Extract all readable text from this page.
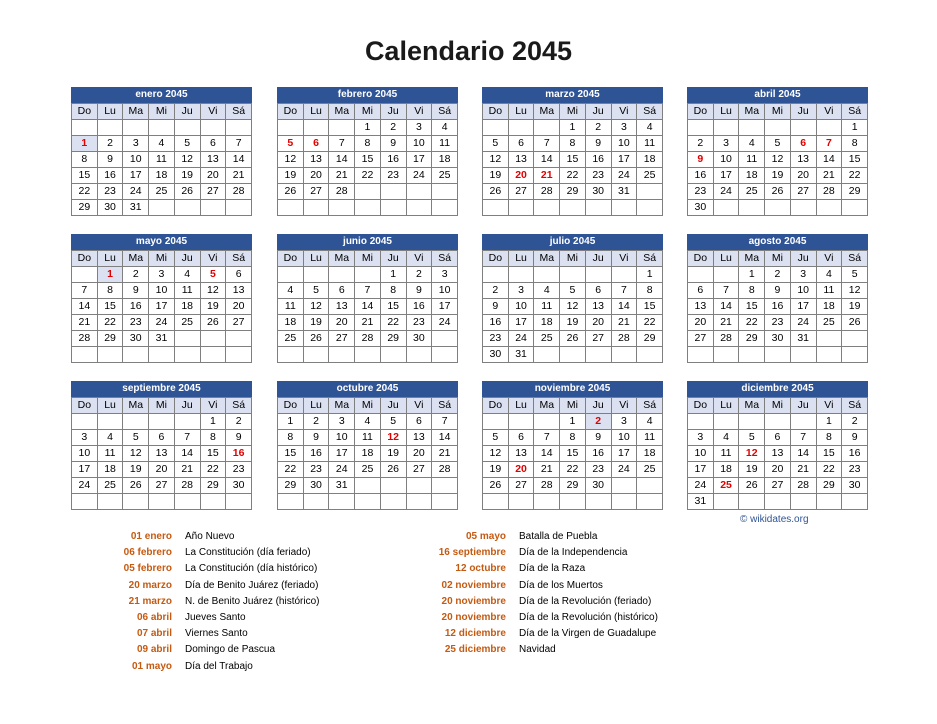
Calendario 2045
enero 2045
Do	Lu	Ma	Mi	Ju	Vi	Sá

1	2	3	4	5	6	7
8	9	10	11	12	13	14
15	16	17	18	19	20	21
22	23	24	25	26	27	28
29	30	31				
febrero 2045
Do	Lu	Ma	Mi	Ju	Vi	Sá
			1	2	3	4
5	6	7	8	9	10	11
12	13	14	15	16	17	18
19	20	21	22	23	24	25
26	27	28				

marzo 2045
Do	Lu	Ma	Mi	Ju	Vi	Sá
			1	2	3	4
5	6	7	8	9	10	11
12	13	14	15	16	17	18
19	20	21	22	23	24	25
26	27	28	29	30	31	

abril 2045
Do	Lu	Ma	Mi	Ju	Vi	Sá
						1
2	3	4	5	6	7	8
9	10	11	12	13	14	15
16	17	18	19	20	21	22
23	24	25	26	27	28	29
30						
mayo 2045
Do	Lu	Ma	Mi	Ju	Vi	Sá
	1	2	3	4	5	6
7	8	9	10	11	12	13
14	15	16	17	18	19	20
21	22	23	24	25	26	27
28	29	30	31			

junio 2045
Do	Lu	Ma	Mi	Ju	Vi	Sá
				1	2	3
4	5	6	7	8	9	10
11	12	13	14	15	16	17
18	19	20	21	22	23	24
25	26	27	28	29	30	

julio 2045
Do	Lu	Ma	Mi	Ju	Vi	Sá
						1
2	3	4	5	6	7	8
9	10	11	12	13	14	15
16	17	18	19	20	21	22
23	24	25	26	27	28	29
30	31					
agosto 2045
Do	Lu	Ma	Mi	Ju	Vi	Sá
		1	2	3	4	5
6	7	8	9	10	11	12
13	14	15	16	17	18	19
20	21	22	23	24	25	26
27	28	29	30	31		

septiembre 2045
Do	Lu	Ma	Mi	Ju	Vi	Sá
					1	2
3	4	5	6	7	8	9
10	11	12	13	14	15	16
17	18	19	20	21	22	23
24	25	26	27	28	29	30

octubre 2045
Do	Lu	Ma	Mi	Ju	Vi	Sá
1	2	3	4	5	6	7
8	9	10	11	12	13	14
15	16	17	18	19	20	21
22	23	24	25	26	27	28
29	30	31				

noviembre 2045
Do	Lu	Ma	Mi	Ju	Vi	Sá
			1	2	3	4
5	6	7	8	9	10	11
12	13	14	15	16	17	18
19	20	21	22	23	24	25
26	27	28	29	30		

diciembre 2045
Do	Lu	Ma	Mi	Ju	Vi	Sá
					1	2
3	4	5	6	7	8	9
10	11	12	13	14	15	16
17	18	19	20	21	22	23
24	25	26	27	28	29	30
31						
© wikidates.org
01 enero Año Nuevo
06 febrero La Constitución (día feriado)
05 febrero La Constitución (día histórico)
20 marzo Día de Benito Juárez (feriado)
21 marzo N. de Benito Juárez (histórico)
06 abril Jueves Santo
07 abril Viernes Santo
09 abril Domingo de Pascua
01 mayo Día del Trabajo
05 mayo Batalla de Puebla
16 septiembre Día de la Independencia
12 octubre Día de la Raza
02 noviembre Día de los Muertos
20 noviembre Día de la Revolución (feriado)
20 noviembre Día de la Revolución (histórico)
12 diciembre Día de la Virgen de Guadalupe
25 diciembre Navidad
